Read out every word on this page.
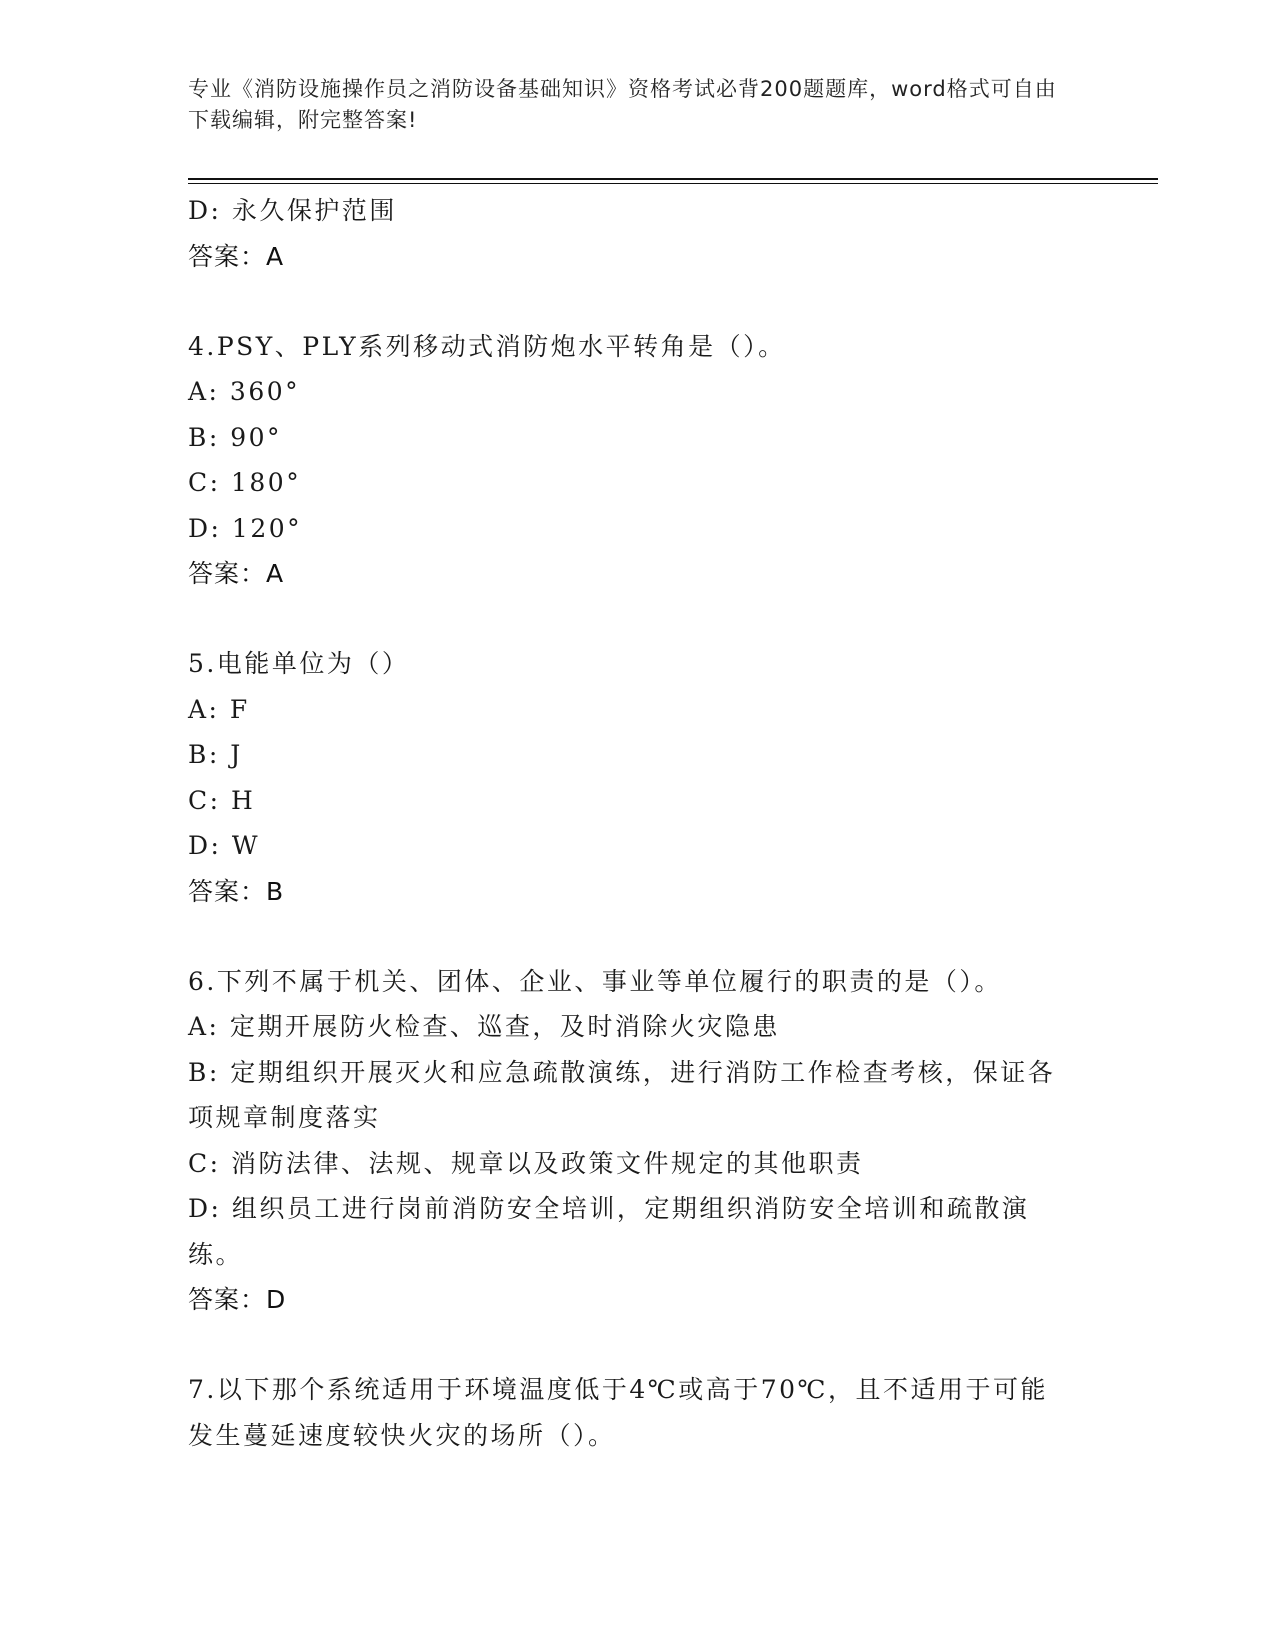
专业《消防设施操作员之消防设备基础知识》资格考试必背200题题库，word格式可自由下载编辑，附完整答案!
D: 永久保护范围
答案：A
4.PSY、PLY系列移动式消防炮水平转角是（）。
A: 360°
B: 90°
C: 180°
D: 120°
答案：A
5.电能单位为（）
A: F
B: J
C: H
D: W
答案：B
6.下列不属于机关、团体、企业、事业等单位履行的职责的是（）。
A: 定期开展防火检查、巡查，及时消除火灾隐患
B: 定期组织开展灭火和应急疏散演练，进行消防工作检查考核，保证各项规章制度落实
C: 消防法律、法规、规章以及政策文件规定的其他职责
D: 组织员工进行岗前消防安全培训，定期组织消防安全培训和疏散演练。
答案：D
7.以下那个系统适用于环境温度低于4℃或高于70℃，且不适用于可能发生蔓延速度较快火灾的场所（）。
